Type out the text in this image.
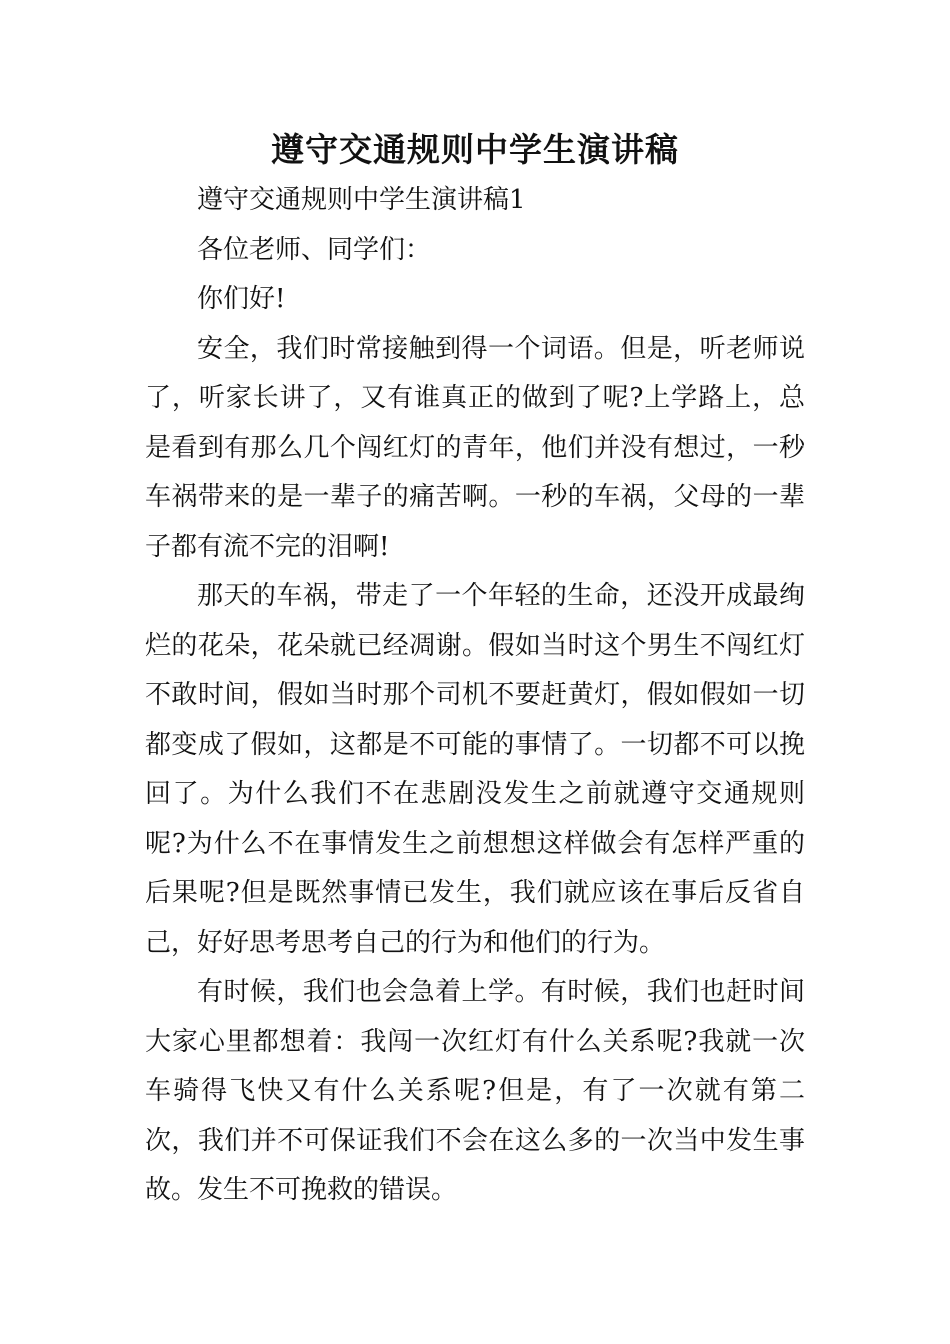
遵守交通规则中学生演讲稿

遵守交通规则中学生演讲稿1

各位老师、同学们：

你们好!

安全，我们时常接触到得一个词语。但是，听老师说了，听家长讲了，又有谁真正的做到了呢?上学路上，总是看到有那么几个闯红灯的青年，他们并没有想过，一秒车祸带来的是一辈子的痛苦啊。一秒的车祸，父母的一辈子都有流不完的泪啊!

那天的车祸，带走了一个年轻的生命，还没开成最绚烂的花朵，花朵就已经凋谢。假如当时这个男生不闯红灯不敢时间，假如当时那个司机不要赶黄灯，假如假如一切都变成了假如，这都是不可能的事情了。一切都不可以挽回了。为什么我们不在悲剧没发生之前就遵守交通规则呢?为什么不在事情发生之前想想这样做会有怎样严重的后果呢?但是既然事情已发生，我们就应该在事后反省自己，好好思考思考自己的行为和他们的行为。

有时候，我们也会急着上学。有时候，我们也赶时间大家心里都想着：我闯一次红灯有什么关系呢?我就一次车骑得飞快又有什么关系呢?但是，有了一次就有第二次，我们并不可保证我们不会在这么多的一次当中发生事故。发生不可挽救的错误。
